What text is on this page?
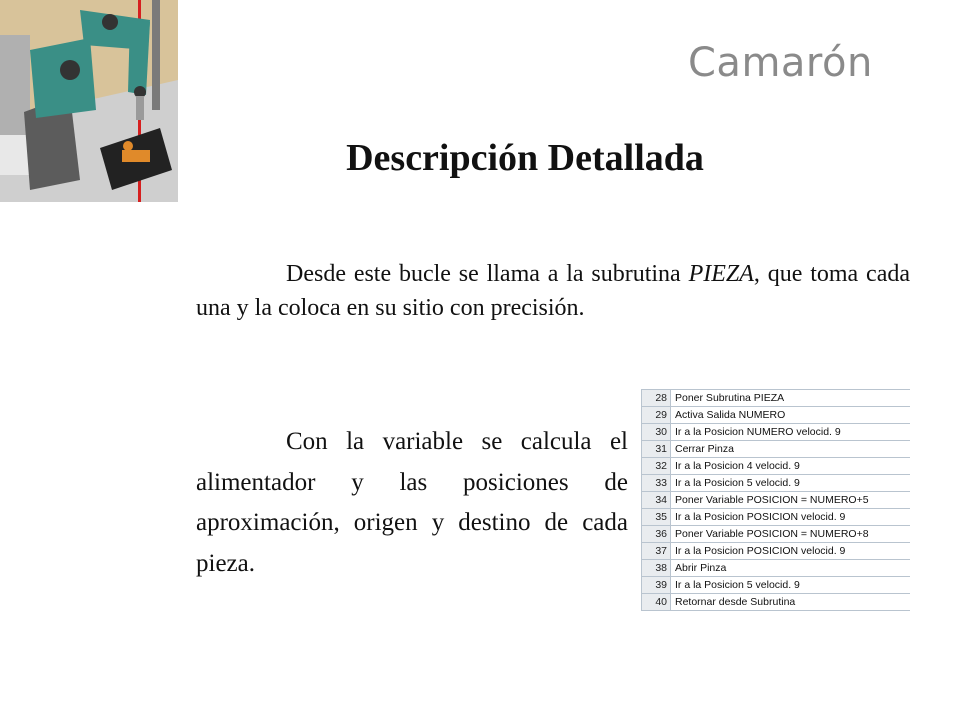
Camarón
Descripción Detallada
Desde este bucle se llama a la subrutina PIEZA, que toma cada una y la coloca en su sitio con precisión.
Con la variable se calcula el alimentador y las posiciones de aproximación, origen y destino de cada pieza.
28	Poner Subrutina PIEZA
29	Activa Salida NUMERO
30	Ir a la Posicion NUMERO velocid. 9
31	Cerrar Pinza
32	Ir a la Posicion 4 velocid. 9
33	Ir a la Posicion 5 velocid. 9
34	Poner Variable POSICION = NUMERO+5
35	Ir a la Posicion POSICION velocid. 9
36	Poner Variable POSICION = NUMERO+8
37	Ir a la Posicion POSICION velocid. 9
38	Abrir Pinza
39	Ir a la Posicion 5 velocid. 9
40	Retornar desde Subrutina
